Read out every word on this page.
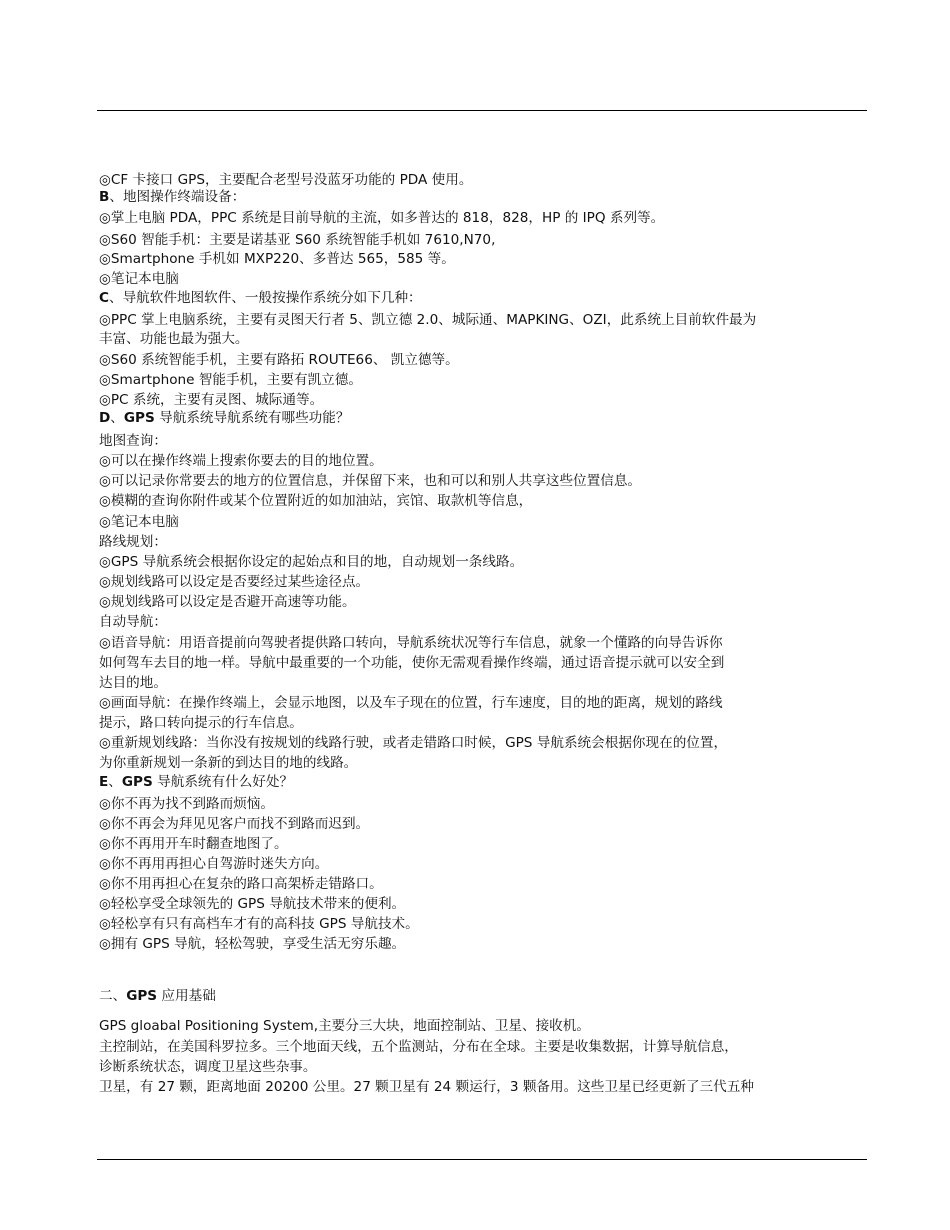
◎CF 卡接口 GPS，主要配合老型号没蓝牙功能的 PDA 使用。
B、地图操作终端设备：
◎掌上电脑 PDA，PPC 系统是目前导航的主流，如多普达的 818，828，HP 的 IPQ 系列等。
◎S60 智能手机：主要是诺基亚 S60 系统智能手机如 7610,N70,
◎Smartphone 手机如 MXP220、多普达 565，585 等。
◎笔记本电脑
C、导航软件地图软件、一般按操作系统分如下几种：
◎PPC 掌上电脑系统，主要有灵图天行者 5、凯立德 2.0、城际通、MAPKING、OZI，此系统上目前软件最为
丰富、功能也最为强大。
◎S60 系统智能手机，主要有路拓 ROUTE66、 凯立德等。
◎Smartphone 智能手机，主要有凯立德。
◎PC 系统，主要有灵图、城际通等。
D、GPS 导航系统导航系统有哪些功能？
地图查询：
◎可以在操作终端上搜索你要去的目的地位置。
◎可以记录你常要去的地方的位置信息，并保留下来，也和可以和别人共享这些位置信息。
◎模糊的查询你附件或某个位置附近的如加油站，宾馆、取款机等信息，
◎笔记本电脑
路线规划：
◎GPS 导航系统会根据你设定的起始点和目的地，自动规划一条线路。
◎规划线路可以设定是否要经过某些途径点。
◎规划线路可以设定是否避开高速等功能。
自动导航：
◎语音导航：用语音提前向驾驶者提供路口转向，导航系统状况等行车信息，就象一个懂路的向导告诉你
如何驾车去目的地一样。导航中最重要的一个功能，使你无需观看操作终端，通过语音提示就可以安全到
达目的地。
◎画面导航：在操作终端上，会显示地图，以及车子现在的位置，行车速度，目的地的距离，规划的路线
提示，路口转向提示的行车信息。
◎重新规划线路：当你没有按规划的线路行驶，或者走错路口时候，GPS 导航系统会根据你现在的位置，
为你重新规划一条新的到达目的地的线路。
E、GPS 导航系统有什么好处？
◎你不再为找不到路而烦恼。
◎你不再会为拜见见客户而找不到路而迟到。
◎你不再用开车时翻查地图了。
◎你不再用再担心自驾游时迷失方向。
◎你不用再担心在复杂的路口高架桥走错路口。
◎轻松享受全球领先的 GPS 导航技术带来的便利。
◎轻松享有只有高档车才有的高科技 GPS 导航技术。
◎拥有 GPS 导航，轻松驾驶，享受生活无穷乐趣。
二、GPS 应用基础
GPS gloabal Positioning System,主要分三大块，地面控制站、卫星、接收机。
主控制站，在美国科罗拉多。三个地面天线，五个监测站，分布在全球。主要是收集数据，计算导航信息，
诊断系统状态，调度卫星这些杂事。
卫星，有 27 颗，距离地面 20200 公里。27 颗卫星有 24 颗运行，3 颗备用。这些卫星已经更新了三代五种
